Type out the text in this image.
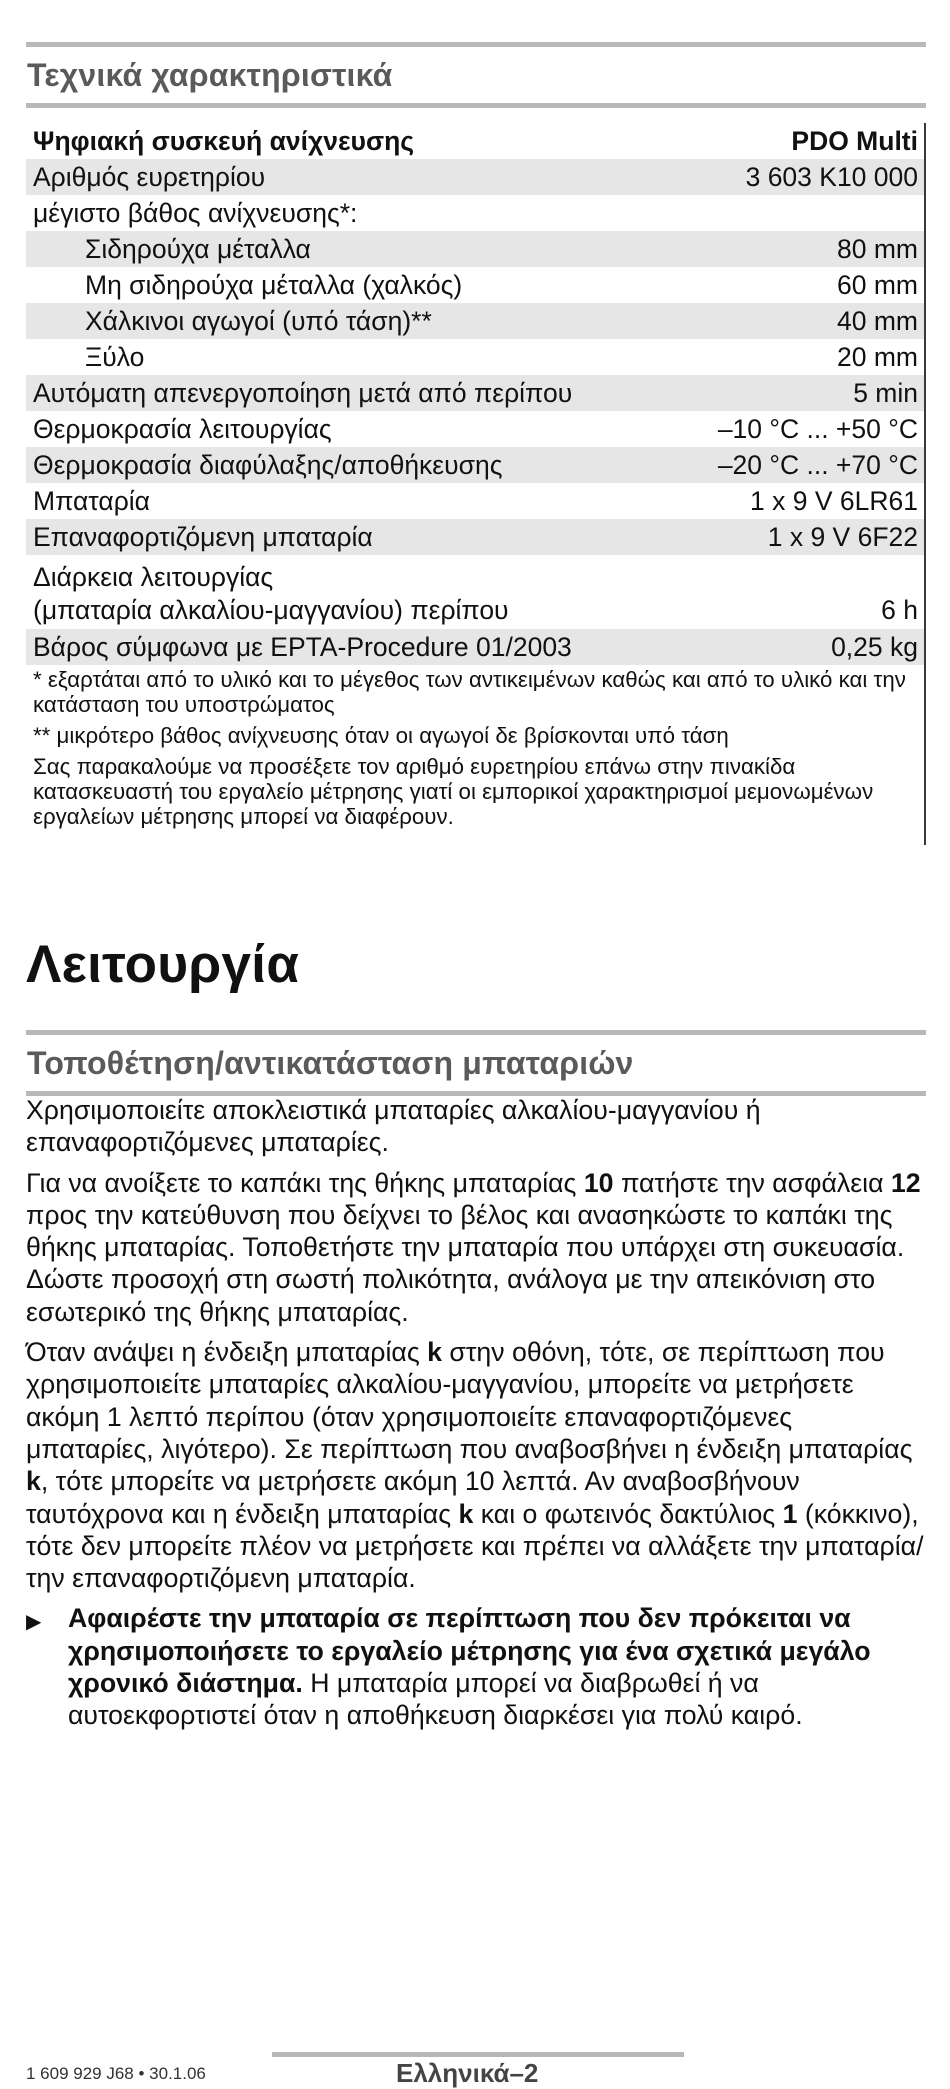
Τεχνικά χαρακτηριστικά
Ψηφιακή συσκευή ανίχνευσης	PDO Multi
Αριθμός ευρετηρίου	3 603 K10 000
μέγιστο βάθος ανίχνευσης*:
Σιδηρούχα μέταλλα	80 mm
Μη σιδηρούχα μέταλλα (χαλκός)	60 mm
Χάλκινοι αγωγοί (υπό τάση)**	40 mm
Ξύλο	20 mm
Αυτόματη απενεργοποίηση μετά από περίπου	5 min
Θερμοκρασία λειτουργίας	–10 °C ... +50 °C
Θερμοκρασία διαφύλαξης/αποθήκευσης	–20 °C ... +70 °C
Μπαταρία	1 x 9 V 6LR61
Επαναφορτιζόμενη μπαταρία	1 x 9 V 6F22
Διάρκεια λειτουργίας
(μπαταρία αλκαλίου-μαγγανίου) περίπου	6 h
Βάρος σύμφωνα με EPTA-Procedure 01/2003	0,25 kg

* εξαρτάται από το υλικό και το μέγεθος των αντικειμένων καθώς και από το υλικό και την κατάσταση του υποστρώματος

** μικρότερο βάθος ανίχνευσης όταν οι αγωγοί δε βρίσκονται υπό τάση

Σας παρακαλούμε να προσέξετε τον αριθμό ευρετηρίου επάνω στην πινακίδα κατασκευαστή του εργαλείο μέτρησης γιατί οι εμπορικοί χαρακτηρισμοί μεμονωμένων εργαλείων μέτρησης μπορεί να διαφέρουν.

Λειτουργία
Τοποθέτηση/αντικατάσταση μπαταριών

Χρησιμοποιείτε αποκλειστικά μπαταρίες αλκαλίου-μαγγανίου ή επαναφορτιζόμενες μπαταρίες.

Για να ανοίξετε το καπάκι της θήκης μπαταρίας 10 πατήστε την ασφάλεια 12 προς την κατεύθυνση που δείχνει το βέλος και ανασηκώστε το καπάκι της θήκης μπαταρίας. Τοποθετήστε την μπαταρία που υπάρχει στη συκευασία. Δώστε προσοχή στη σωστή πολικότητα, ανάλογα με την απεικόνιση στο εσωτερικό της θήκης μπαταρίας.

Όταν ανάψει η ένδειξη μπαταρίας k στην οθόνη, τότε, σε περίπτωση που χρησιμοποιείτε μπαταρίες αλκαλίου-μαγγανίου, μπορείτε να μετρήσετε ακόμη 1 λεπτό περίπου (όταν χρησιμοποιείτε επαναφορτιζόμενες μπαταρίες, λιγότερο). Σε περίπτωση που αναβοσβήνει η ένδειξη μπαταρίας k, τότε μπορείτε να μετρήσετε ακόμη 10 λεπτά. Αν αναβοσβήνουν ταυτόχρονα και η ένδειξη μπαταρίας k και ο φωτεινός δακτύλιος 1 (κόκκινο), τότε δεν μπορείτε πλέον να μετρήσετε και πρέπει να αλλάξετε την μπαταρία/την επαναφορτιζόμενη μπαταρία.

▶ Αφαιρέστε την μπαταρία σε περίπτωση που δεν πρόκειται να χρησιμοποιήσετε το εργαλείο μέτρησης για ένα σχετικά μεγάλο χρονικό διάστημα. Η μπαταρία μπορεί να διαβρωθεί ή να αυτοεκφορτιστεί όταν η αποθήκευση διαρκέσει για πολύ καιρό.
1 609 929 J68 • 30.1.06	Ελληνικά–2
